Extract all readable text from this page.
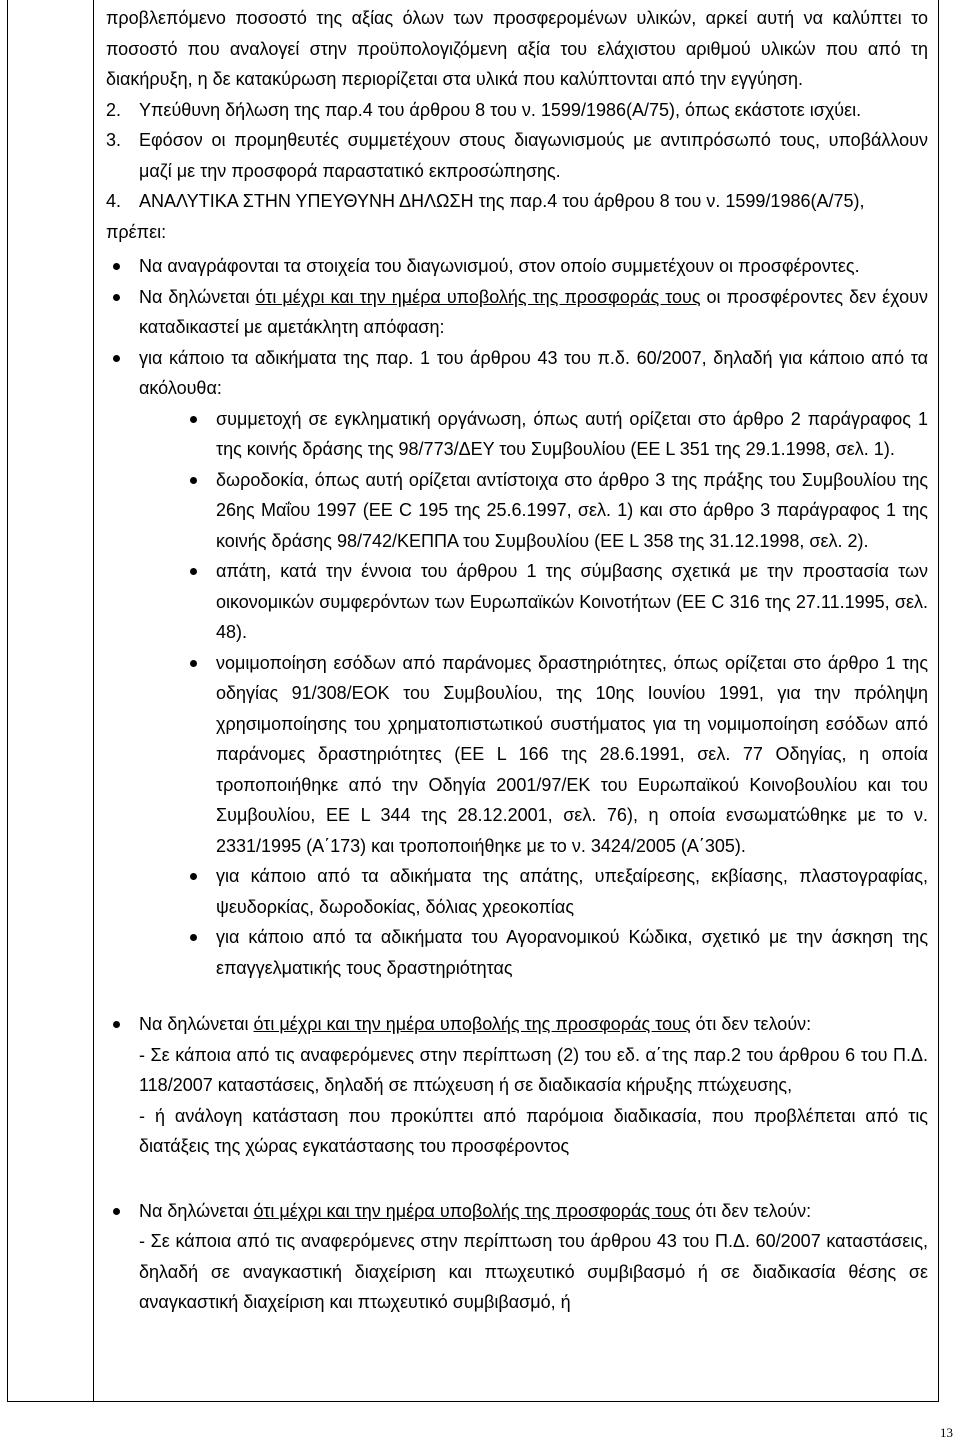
προβλεπόμενο ποσοστό της αξίας όλων των προσφερομένων υλικών, αρκεί αυτή να καλύπτει το ποσοστό που αναλογεί στην προϋπολογιζόμενη αξία του ελάχιστου αριθμού υλικών που από τη διακήρυξη, η δε κατακύρωση περιορίζεται στα υλικά που καλύπτονται από την εγγύηση.

2. Υπεύθυνη δήλωση της παρ.4 του άρθρου 8 του ν. 1599/1986(Α/75), όπως εκάστοτε ισχύει.
3. Εφόσον οι προμηθευτές συμμετέχουν στους διαγωνισμούς με αντιπρόσωπό τους, υποβάλλουν μαζί με την προσφορά παραστατικό εκπροσώπησης.
4. ΑΝΑΛΥΤΙΚΑ ΣΤΗΝ ΥΠΕΥΘΥΝΗ ΔΗΛΩΣΗ της παρ.4 του άρθρου 8 του ν. 1599/1986(Α/75),

πρέπει:

Να αναγράφονται τα στοιχεία του διαγωνισμού, στον οποίο συμμετέχουν οι προσφέροντες.
Να δηλώνεται ότι μέχρι και την ημέρα υποβολής της προσφοράς τους οι προσφέροντες δεν έχουν καταδικαστεί με αμετάκλητη απόφαση:
για κάποιο τα αδικήματα της παρ. 1 του άρθρου 43 του π.δ. 60/2007, δηλαδή για κάποιο από τα ακόλουθα:
συμμετοχή σε εγκληματική οργάνωση, όπως αυτή ορίζεται στο άρθρο 2 παράγραφος 1 της κοινής δράσης της 98/773/ΔΕΥ του Συμβουλίου (ΕΕ L 351 της 29.1.1998, σελ. 1).
δωροδοκία, όπως αυτή ορίζεται αντίστοιχα στο άρθρο 3 της πράξης του Συμβουλίου της 26ης Μαΐου 1997 (ΕΕ C 195 της 25.6.1997, σελ. 1) και στο άρθρο 3 παράγραφος 1 της κοινής δράσης 98/742/ΚΕΠΠΑ του Συμβουλίου (ΕΕ L 358 της 31.12.1998, σελ. 2).
απάτη, κατά την έννοια του άρθρου 1 της σύμβασης σχετικά με την προστασία των οικονομικών συμφερόντων των Ευρωπαϊκών Κοινοτήτων (ΕΕ C 316 της 27.11.1995, σελ. 48).
νομιμοποίηση εσόδων από παράνομες δραστηριότητες, όπως ορίζεται στο άρθρο 1 της οδηγίας 91/308/ΕΟΚ του Συμβουλίου, της 10ης Ιουνίου 1991, για την πρόληψη χρησιμοποίησης του χρηματοπιστωτικού συστήματος για τη νομιμοποίηση εσόδων από παράνομες δραστηριότητες (ΕΕ L 166 της 28.6.1991, σελ. 77 Οδηγίας, η οποία τροποποιήθηκε από την Οδηγία 2001/97/ΕΚ του Ευρωπαϊκού Κοινοβουλίου και του Συμβουλίου, ΕΕ L 344 της 28.12.2001, σελ. 76), η οποία ενσωματώθηκε με το ν. 2331/1995 (Α΄173) και τροποποιήθηκε με το ν. 3424/2005 (Α΄305).
για κάποιο από τα αδικήματα της απάτης, υπεξαίρεσης, εκβίασης, πλαστογραφίας, ψευδορκίας, δωροδοκίας, δόλιας χρεοκοπίας
για κάποιο από τα αδικήματα του Αγορανομικού Κώδικα, σχετικό με την άσκηση της επαγγελματικής τους δραστηριότητας
Να δηλώνεται ότι μέχρι και την ημέρα υποβολής της προσφοράς τους ότι δεν τελούν:

- Σε κάποια από τις αναφερόμενες στην περίπτωση (2) του εδ. α΄της παρ.2 του άρθρου 6 του Π.Δ. 118/2007 καταστάσεις, δηλαδή σε πτώχευση ή σε διαδικασία κήρυξης πτώχευσης,

- ή ανάλογη κατάσταση που προκύπτει από παρόμοια διαδικασία, που προβλέπεται από τις διατάξεις της χώρας εγκατάστασης του προσφέροντος

Να δηλώνεται ότι μέχρι και την ημέρα υποβολής της προσφοράς τους ότι δεν τελούν:

- Σε κάποια από τις αναφερόμενες στην περίπτωση του άρθρου 43 του Π.Δ. 60/2007 καταστάσεις, δηλαδή σε αναγκαστική διαχείριση και πτωχευτικό συμβιβασμό ή σε διαδικασία θέσης σε αναγκαστική διαχείριση και πτωχευτικό συμβιβασμό, ή

13
